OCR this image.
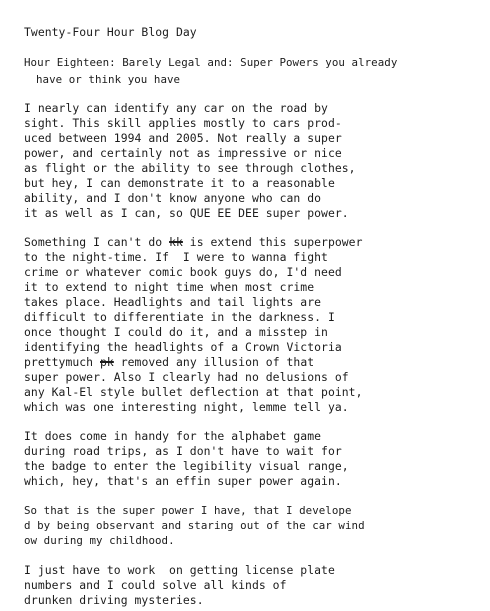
Twenty-Four Hour Blog Day
Hour Eighteen: Barely Legal and: Super Powers you already
have or think you have
I nearly can identify any car on the road by
sight. This skill applies mostly to cars prod-
uced between 1994 and 2005. Not really a super
power, and certainly not as impressive or nice
as flight or the ability to see through clothes,
but hey, I can demonstrate it to a reasonable
ability, and I don't know anyone who can do
it as well as I can, so QUE EE DEE super power.
Something I can't do kk is extend this superpower
to the night-time. If  I were to wanna fight
crime or whatever comic book guys do, I'd need
it to extend to night time when most crime
takes place. Headlights and tail lights are
difficult to differentiate in the darkness. I
once thought I could do it, and a misstep in
identifying the headlights of a Crown Victoria
prettymuch pk removed any illusion of that
super power. Also I clearly had no delusions of
any Kal-El style bullet deflection at that point,
which was one interesting night, lemme tell ya.
It does come in handy for the alphabet game
during road trips, as I don't have to wait for
the badge to enter the legibility visual range,
which, hey, that's an effin super power again.
So that is the super power I have, that I develope
d by being observant and staring out of the car wind
ow during my childhood.
I just have to work  on getting license plate
numbers and I could solve all kinds of
drunken driving mysteries.
